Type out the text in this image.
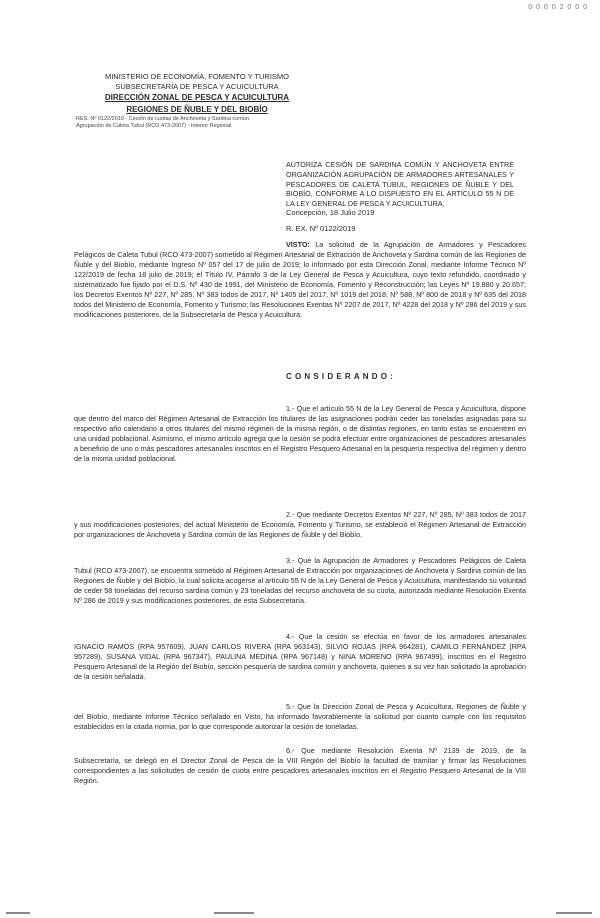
0 0 0 0 2 0 0 0
MINISTERIO DE ECONOMÍA, FOMENTO Y TURISMO
SUBSECRETARÍA DE PESCA Y ACUICULTURA
DIRECCIÓN ZONAL DE PESCA Y ACUICULTURA
REGIONES DE ÑUBLE Y DEL BIOBÍO
RES. Nº 0122/2019 - Cesión de cuotas de Anchoveta y Sardina común
Agrupación de Caleta Tubul (RCO 473-2007) - Interior Regional
AUTORIZA CESIÓN DE SARDINA COMÚN Y ANCHOVETA ENTRE ORGANIZACIÓN AGRUPACIÓN DE ARMADORES ARTESANALES Y PESCADORES DE CALETA TUBUL, REGIONES DE ÑUBLE Y DEL BIOBÍO, CONFORME A LO DISPUESTO EN EL ARTÍCULO 55 N DE LA LEY GENERAL DE PESCA Y ACUICULTURA.
Concepción, 18 Julio 2019
R. EX. Nº 0122/2019
VISTO: La solicitud de la Agrupación de Armadores y Pescadores Pelágicos de Caleta Tubul (RCO 473-2007) sometido al Régimen Artesanal de Extracción de Anchoveta y Sardina común de las Regiones de Ñuble y del Biobío, mediante Ingreso Nº 057 del 17 de julio de 2019; lo informado por esta Dirección Zonal, mediante Informe Técnico Nº 122/2019 de fecha 18 julio de 2019; el Título IV, Párrafo 3 de la Ley General de Pesca y Acuicultura, cuyo texto refundido, coordinado y sistematizado fue fijado por el D.S. Nº 430 de 1991, del Ministerio de Economía, Fomento y Reconstrucción; las Leyes Nº 19.880 y 20.657; los Decretos Exentos Nº 227, Nº 285, Nº 383 todos de 2017, Nº 1405 del 2017, Nº 1019 del 2018, Nº 588, Nº 800 de 2018 y Nº 635 del 2018 todos del Ministerio de Economía, Fomento y Turismo; las Resoluciones Exentas Nº 2207 de 2017, Nº 4228 del 2018 y Nº 286 del 2019 y sus modificaciones posteriores, de la Subsecretaría de Pesca y Acuicultura.
CONSIDERANDO:
1.- Que el artículo 55 N de la Ley General de Pesca y Acuicultura, dispone que dentro del marco del Régimen Artesanal de Extracción los titulares de las asignaciones podrán ceder las toneladas asignadas para su respectivo año calendario a otros titulares del mismo régimen de la misma región, o de distintas regiones, en tanto estas se encuentren en una unidad poblacional. Asimismo, el mismo artículo agrega que la cesión se podrá efectuar entre organizaciones de pescadores artesanales a beneficio de uno o más pescadores artesanales inscritos en el Registro Pesquero Artesanal en la pesquería respectiva del régimen y dentro de la misma unidad poblacional.
2.- Que mediante Decretos Exentos Nº 227, Nº 285, Nº 383 todos de 2017 y sus modificaciones posteriores, del actual Ministerio de Economía, Fomento y Turismo, se estableció el Régimen Artesanal de Extracción por organizaciones de Anchoveta y Sardina común de las Regiones de Ñuble y del Biobío.
3.- Que la Agrupación de Armadores y Pescadores Pelágicos de Caleta Tubul (RCO 473-2007), se encuentra sometido al Régimen Artesanal de Extracción por organizaciones de Anchoveta y Sardina común de las Regiones de Ñuble y del Biobío, la cual solicita acogerse al artículo 55 N de la Ley General de Pesca y Acuicultura, manifestando su voluntad de ceder 58 toneladas del recurso sardina común y 23 toneladas del recurso anchoveta de su cuota, autorizada mediante Resolución Exenta Nº 286 de 2019 y sus modificaciones posteriores, de esta Subsecretaría.
4.- Que la cesión se efectúa en favor de los armadores artesanales IGNACIO RAMOS (RPA 957609), JUAN CARLOS RIVERA (RPA 963143), SILVIO ROJAS (RPA 964281), CAMILO FERNÁNDEZ (RPA 957289), SUSANA VIDAL (RPA 967347), PAULINA MEDINA (RPA 967148) y NINA MORENO (RPA 967499), inscritos en el Registro Pesquero Artesanal de la Región del Biobío, sección pesquería de sardina común y anchoveta, quienes a su vez han solicitado la aprobación de la cesión señalada.
5.- Que la Dirección Zonal de Pesca y Acuicultura, Regiones de Ñuble y del Biobío, mediante Informe Técnico señalado en Visto, ha informado favorablemente la solicitud por cuanto cumple con los requisitos establecidos en la citada norma, por lo que corresponde autorizar la cesión de toneladas.
6.- Que mediante Resolución Exenta Nº 2139 de 2019, de la Subsecretaría, se delegó en el Director Zonal de Pesca de la VIII Región del Biobío la facultad de tramitar y firmar las Resoluciones correspondientes a las solicitudes de cesión de cuota entre pescadores artesanales inscritos en el Registro Pesquero Artesanal de la VIII Región.
